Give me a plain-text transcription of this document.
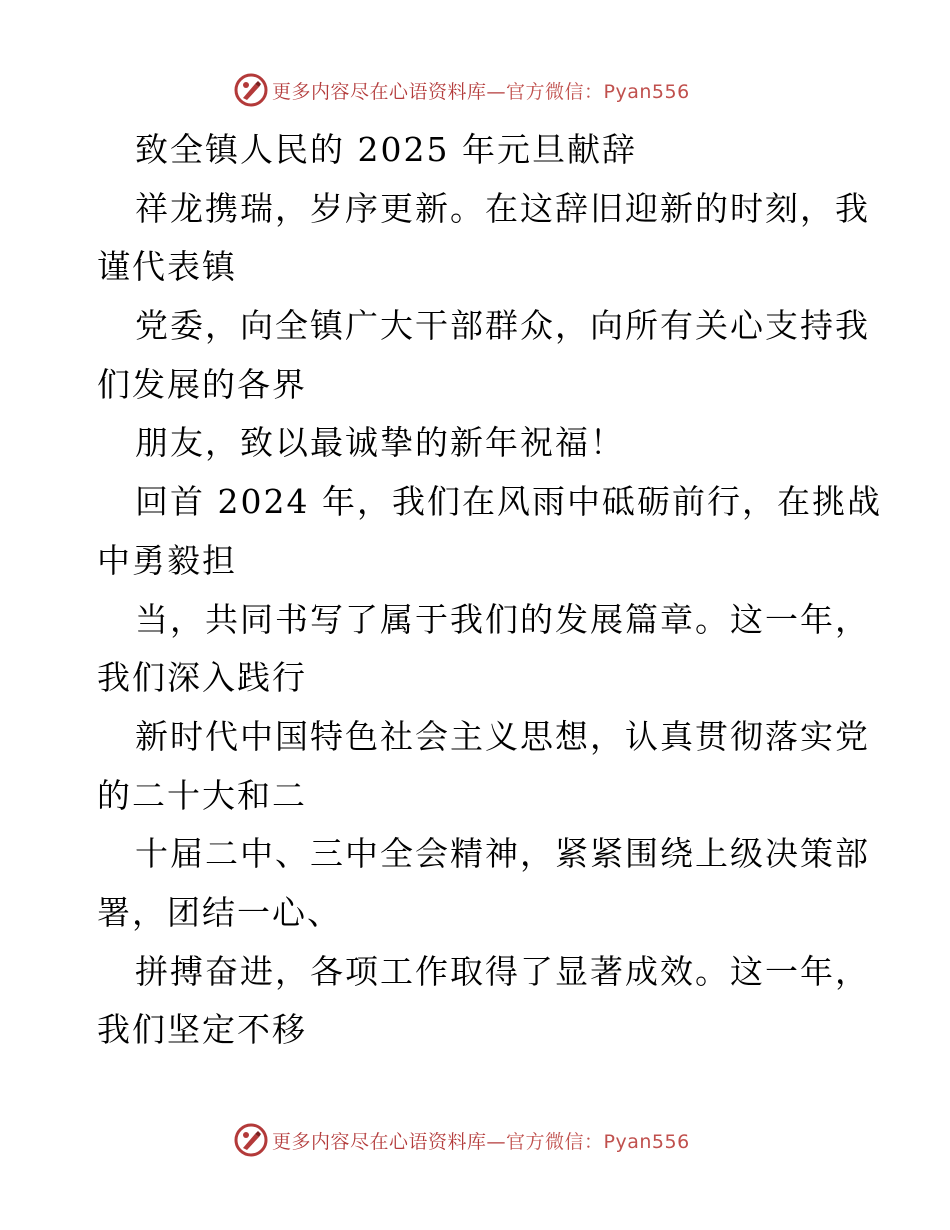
更多内容尽在心语资料库—官方微信：Pyan556
致全镇人民的 2025 年元旦献辞
祥龙携瑞，岁序更新。在这辞旧迎新的时刻，我
谨代表镇
党委，向全镇广大干部群众，向所有关心支持我
们发展的各界
朋友，致以最诚挚的新年祝福！
回首 2024 年，我们在风雨中砥砺前行，在挑战
中勇毅担
当，共同书写了属于我们的发展篇章。这一年，
我们深入践行
新时代中国特色社会主义思想，认真贯彻落实党
的二十大和二
十届二中、三中全会精神，紧紧围绕上级决策部
署，团结一心、
拼搏奋进，各项工作取得了显著成效。这一年，
我们坚定不移
更多内容尽在心语资料库—官方微信：Pyan556
